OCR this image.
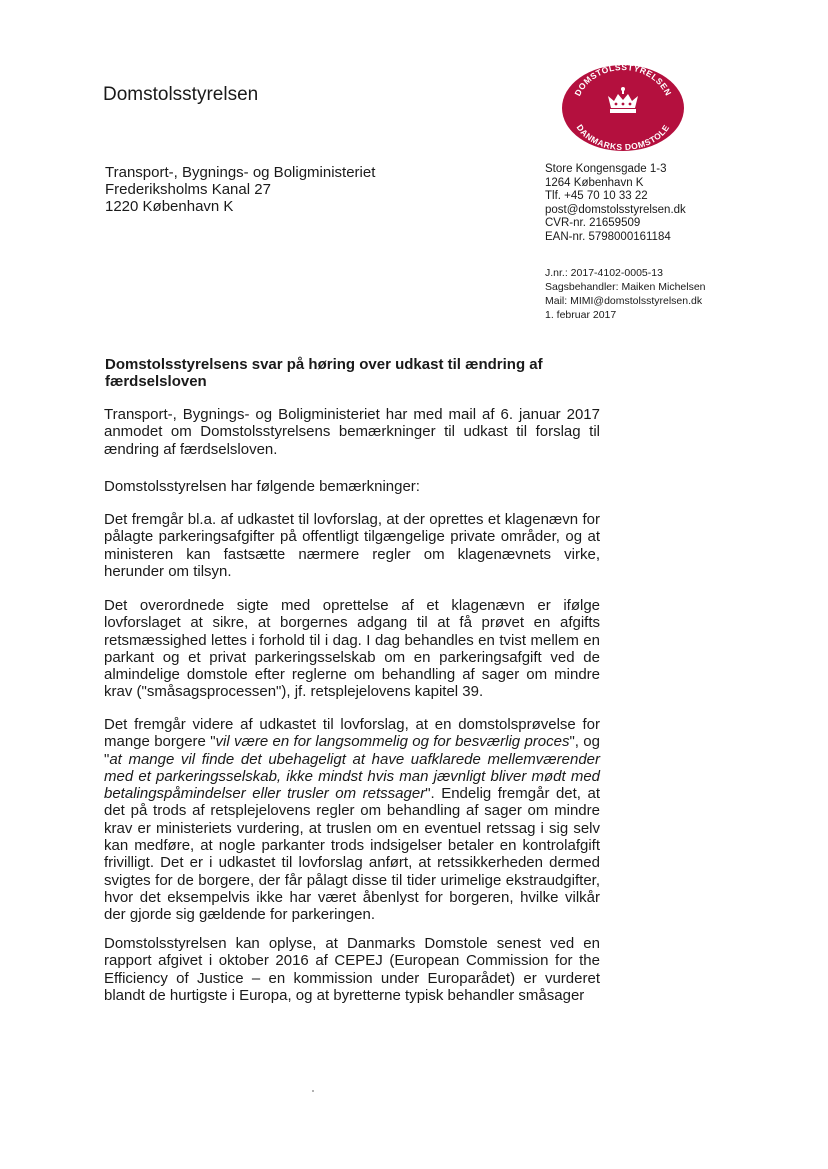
Domstolsstyrelsen	DOMSTOLSSTYRELSEN
DANMARKS DOMSTOLE
Transport-, Bygnings- og Boligministeriet
Frederiksholms Kanal 27
1220 København K
Store Kongensgade 1-3
1264 København K
Tlf. +45 70 10 33 22
post@domstolsstyrelsen.dk
CVR-nr. 21659509
EAN-nr. 5798000161184
J.nr.: 2017-4102-0005-13
Sagsbehandler: Maiken Michelsen
Mail: MIMI@domstolsstyrelsen.dk
1. februar 2017
Domstolsstyrelsens svar på høring over udkast til ændring af færdselsloven
Transport-, Bygnings- og Boligministeriet har med mail af 6. januar 2017 anmodet om Domstolsstyrelsens bemærkninger til udkast til forslag til ændring af færdselsloven.
Domstolsstyrelsen har følgende bemærkninger:
Det fremgår bl.a. af udkastet til lovforslag, at der oprettes et klagenævn for pålagte parkeringsafgifter på offentligt tilgængelige private områder, og at ministeren kan fastsætte nærmere regler om klagenævnets virke, herunder om tilsyn.
Det overordnede sigte med oprettelse af et klagenævn er ifølge lovforslaget at sikre, at borgernes adgang til at få prøvet en afgifts retsmæssighed lettes i forhold til i dag. I dag behandles en tvist mellem en parkant og et privat parkeringsselskab om en parkeringsafgift ved de almindelige domstole efter reglerne om behandling af sager om mindre krav ("småsagsprocessen"), jf. retsplejelovens kapitel 39.
Det fremgår videre af udkastet til lovforslag, at en domstolsprøvelse for mange borgere "vil være en for langsommelig og for besværlig proces", og "at mange vil finde det ubehageligt at have uafklarede mellemværender med et parkeringsselskab, ikke mindst hvis man jævnligt bliver mødt med betalingspåmindelser eller trusler om retssager". Endelig fremgår det, at det på trods af retsplejelovens regler om behandling af sager om mindre krav er ministeriets vurdering, at truslen om en eventuel retssag i sig selv kan medføre, at nogle parkanter trods indsigelser betaler en kontrolafgift frivilligt. Det er i udkastet til lovforslag anført, at retssikkerheden dermed svigtes for de borgere, der får pålagt disse til tider urimelige ekstraudgifter, hvor det eksempelvis ikke har været åbenlyst for borgeren, hvilke vilkår der gjorde sig gældende for parkeringen.
Domstolsstyrelsen kan oplyse, at Danmarks Domstole senest ved en rapport afgivet i oktober 2016 af CEPEJ (European Commission for the Efficiency of Justice – en kommission under Europarådet) er vurderet blandt de hurtigste i Europa, og at byretterne typisk behandler småsager
